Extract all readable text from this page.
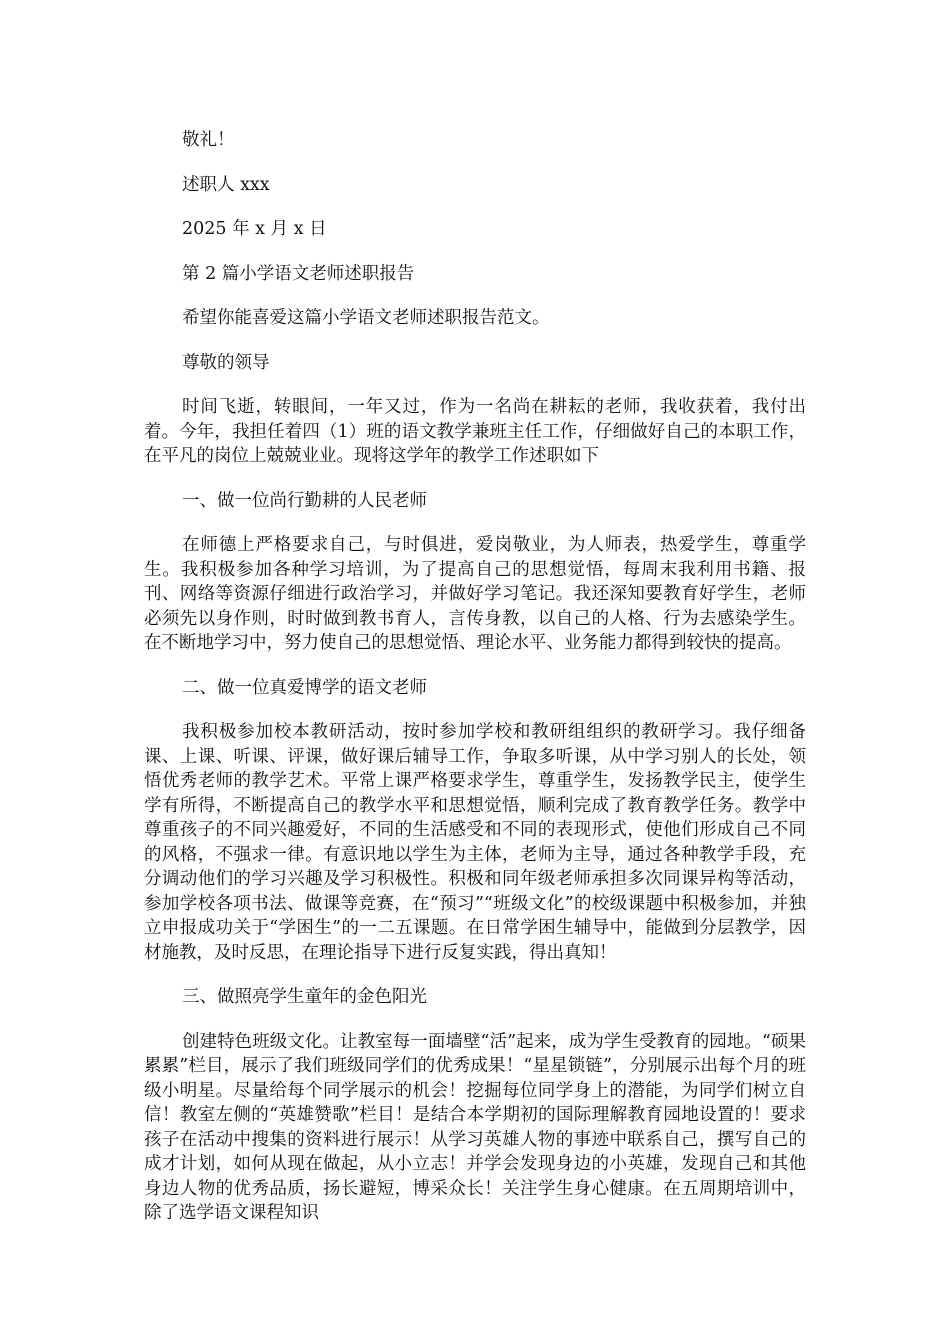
敬礼！

述职人 xxx

2025 年 x 月 x 日

第 2 篇小学语文老师述职报告

希望你能喜爱这篇小学语文老师述职报告范文。

尊敬的领导

时间飞逝，转眼间，一年又过，作为一名尚在耕耘的老师，我收获着，我付出着。今年，我担任着四（1）班的语文教学兼班主任工作，仔细做好自己的本职工作，在平凡的岗位上兢兢业业。现将这学年的教学工作述职如下

一、做一位尚行勤耕的人民老师

在师德上严格要求自己，与时俱进，爱岗敬业，为人师表，热爱学生，尊重学生。我积极参加各种学习培训，为了提高自己的思想觉悟，每周末我利用书籍、报刊、网络等资源仔细进行政治学习，并做好学习笔记。我还深知要教育好学生，老师必须先以身作则，时时做到教书育人，言传身教，以自己的人格、行为去感染学生。在不断地学习中，努力使自己的思想觉悟、理论水平、业务能力都得到较快的提高。

二、做一位真爱博学的语文老师

我积极参加校本教研活动，按时参加学校和教研组组织的教研学习。我仔细备课、上课、听课、评课，做好课后辅导工作，争取多听课，从中学习别人的长处，领悟优秀老师的教学艺术。平常上课严格要求学生，尊重学生，发扬教学民主，使学生学有所得，不断提高自己的教学水平和思想觉悟，顺利完成了教育教学任务。教学中尊重孩子的不同兴趣爱好，不同的生活感受和不同的表现形式，使他们形成自己不同的风格，不强求一律。有意识地以学生为主体，老师为主导，通过各种教学手段，充分调动他们的学习兴趣及学习积极性。积极和同年级老师承担多次同课异构等活动，参加学校各项书法、做课等竞赛，在“预习”“班级文化”的校级课题中积极参加，并独立申报成功关于“学困生”的一二五课题。在日常学困生辅导中，能做到分层教学，因材施教，及时反思，在理论指导下进行反复实践，得出真知！

三、做照亮学生童年的金色阳光

创建特色班级文化。让教室每一面墙壁“活”起来，成为学生受教育的园地。“硕果累累”栏目，展示了我们班级同学们的优秀成果！“星星锁链”，分别展示出每个月的班级小明星。尽量给每个同学展示的机会！挖掘每位同学身上的潜能，为同学们树立自信！教室左侧的“英雄赞歌”栏目！是结合本学期初的国际理解教育园地设置的！要求孩子在活动中搜集的资料进行展示！从学习英雄人物的事迹中联系自己，撰写自己的成才计划，如何从现在做起，从小立志！并学会发现身边的小英雄，发现自己和其他身边人物的优秀品质，扬长避短，博采众长！关注学生身心健康。在五周期培训中，除了选学语文课程知识
